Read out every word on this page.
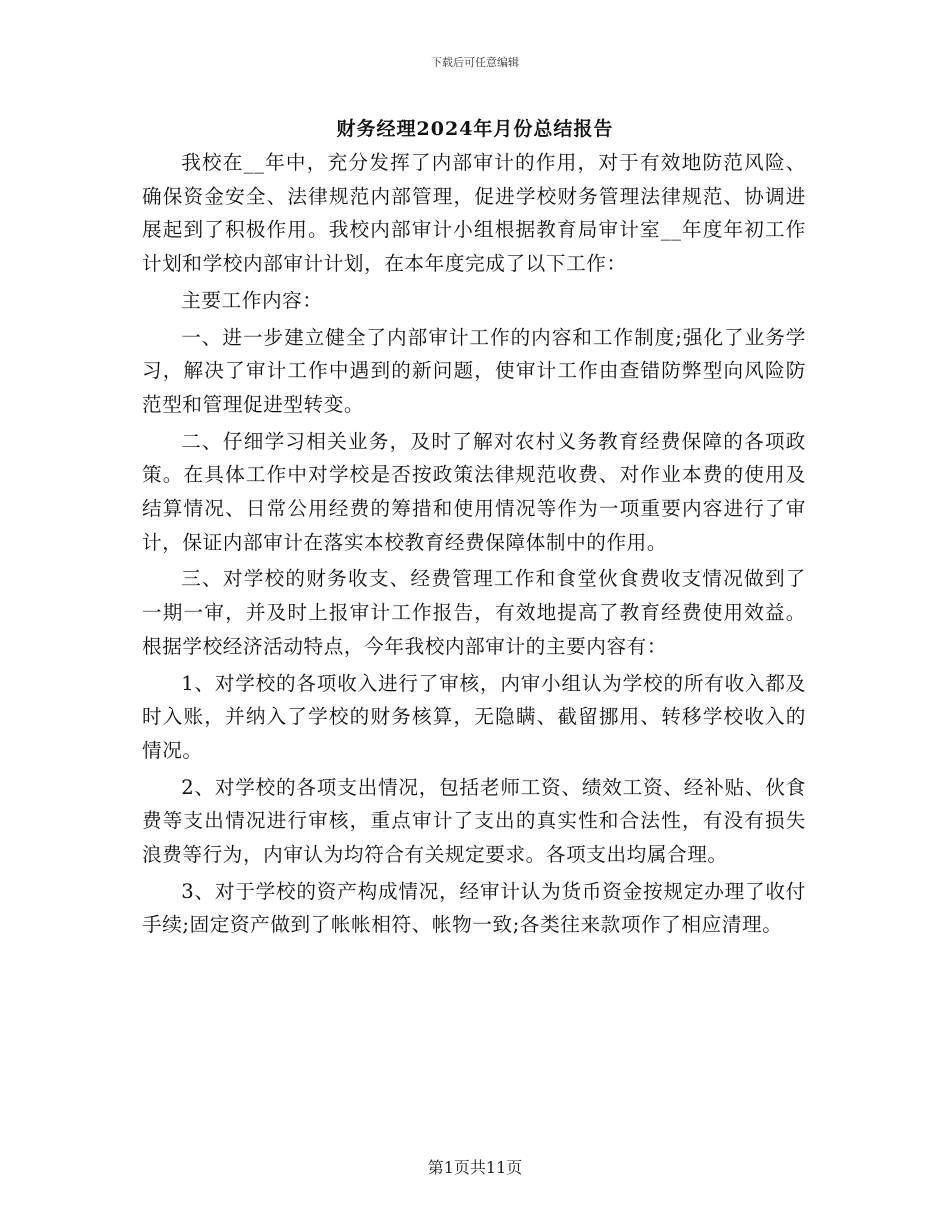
下载后可任意编辑
财务经理2024年月份总结报告

我校在__年中，充分发挥了内部审计的作用，对于有效地防范风险、确保资金安全、法律规范内部管理，促进学校财务管理法律规范、协调进展起到了积极作用。我校内部审计小组根据教育局审计室__年度年初工作计划和学校内部审计计划，在本年度完成了以下工作：

主要工作内容：

一、进一步建立健全了内部审计工作的内容和工作制度;强化了业务学习，解决了审计工作中遇到的新问题，使审计工作由查错防弊型向风险防范型和管理促进型转变。

二、仔细学习相关业务，及时了解对农村义务教育经费保障的各项政策。在具体工作中对学校是否按政策法律规范收费、对作业本费的使用及结算情况、日常公用经费的筹措和使用情况等作为一项重要内容进行了审计，保证内部审计在落实本校教育经费保障体制中的作用。

三、对学校的财务收支、经费管理工作和食堂伙食费收支情况做到了一期一审，并及时上报审计工作报告，有效地提高了教育经费使用效益。根据学校经济活动特点，今年我校内部审计的主要内容有：

1、对学校的各项收入进行了审核，内审小组认为学校的所有收入都及时入账，并纳入了学校的财务核算，无隐瞒、截留挪用、转移学校收入的情况。

2、对学校的各项支出情况，包括老师工资、绩效工资、经补贴、伙食费等支出情况进行审核，重点审计了支出的真实性和合法性，有没有损失浪费等行为，内审认为均符合有关规定要求。各项支出均属合理。

3、对于学校的资产构成情况，经审计认为货币资金按规定办理了收付手续;固定资产做到了帐帐相符、帐物一致;各类往来款项作了相应清理。

第1页共11页
